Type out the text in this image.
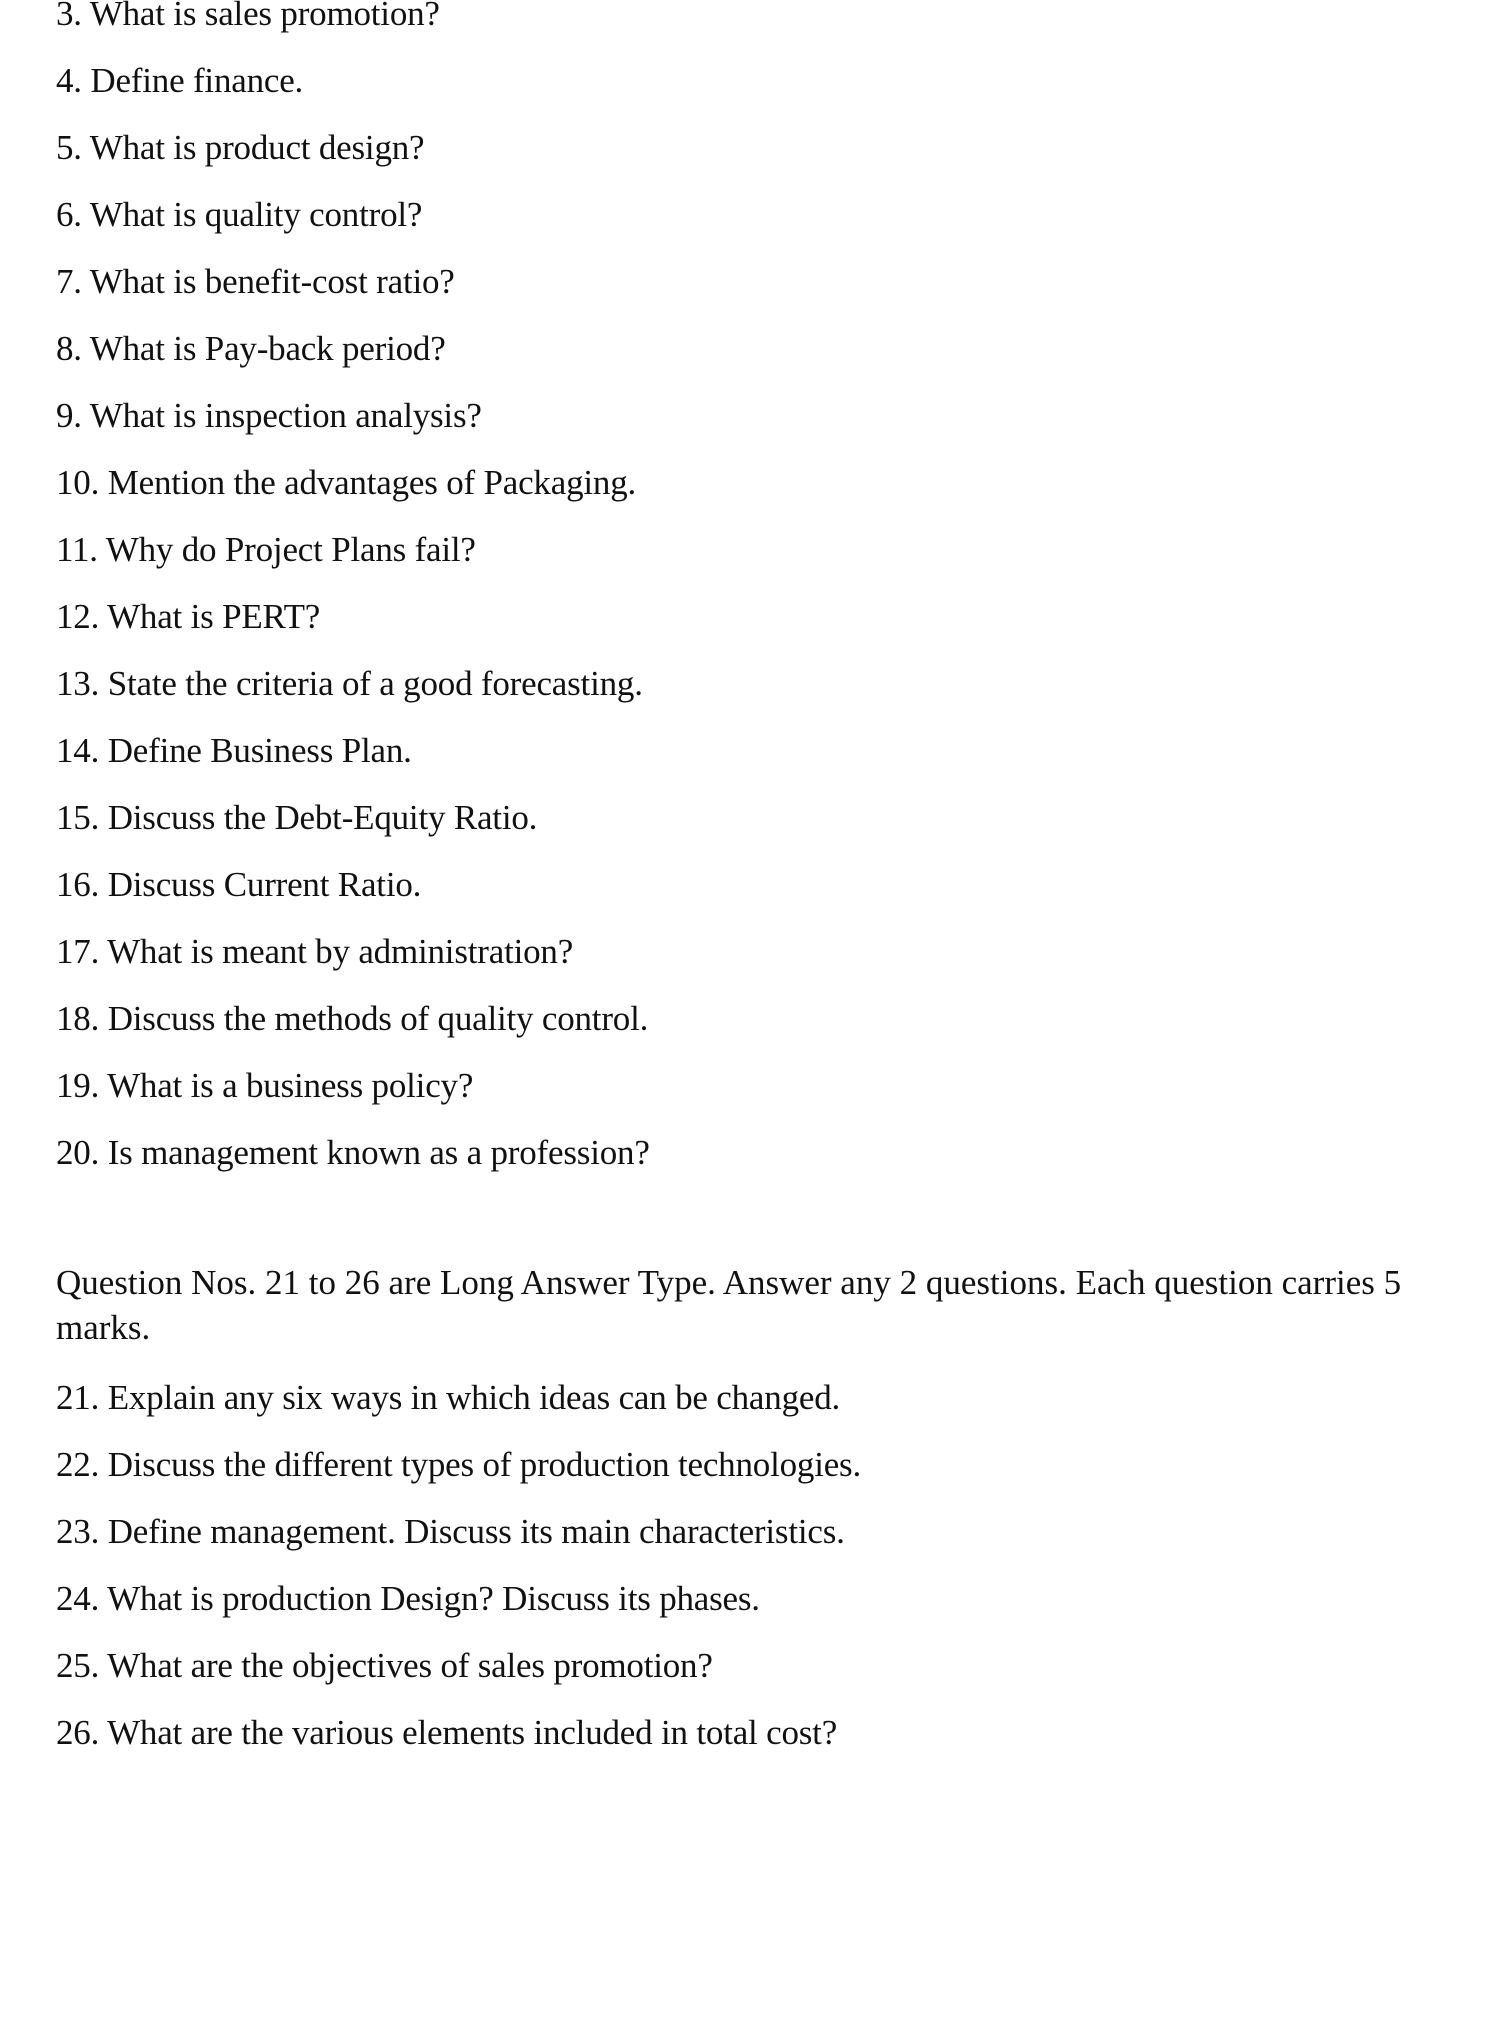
3. What is sales promotion?
4. Define finance.
5. What is product design?
6. What is quality control?
7. What is benefit-cost ratio?
8. What is Pay-back period?
9. What is inspection analysis?
10. Mention the advantages of Packaging.
11. Why do Project Plans fail?
12. What is PERT?
13. State the criteria of a good forecasting.
14. Define Business Plan.
15. Discuss the Debt-Equity Ratio.
16. Discuss Current Ratio.
17. What is meant by administration?
18. Discuss the methods of quality control.
19. What is a business policy?
20. Is management known as a profession?
Question Nos. 21 to 26 are Long Answer Type. Answer any 2 questions. Each question carries 5 marks.
21. Explain any six ways in which ideas can be changed.
22. Discuss the different types of production technologies.
23. Define management. Discuss its main characteristics.
24. What is production Design? Discuss its phases.
25. What are the objectives of sales promotion?
26. What are the various elements included in total cost?
